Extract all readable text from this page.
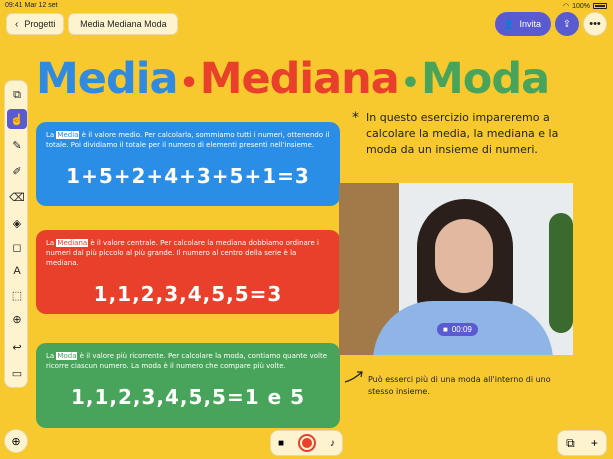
09:41 Mar 12 set	◠ 100%
‹ Progetti	Media Mediana Moda	👤 Invita ⇪ •••
⧉
☝
✎
✐
⌫
◈
◻
A
⬚
⊕
↩
▭
Media•Mediana•Moda

La Media è il valore medio. Per calcolarla, sommiamo tutti i numeri, ottenendo il totale. Poi dividiamo il totale per il numero di elementi presenti nell'insieme.

1+5+2+4+3+5+1=3

La Mediana è il valore centrale. Per calcolare la mediana dobbiamo ordinare i numeri dal più piccolo al più grande. Il numero al centro della serie è la mediana.

1,1,2,3,4,5,5=3

La Moda è il valore più ricorrente. Per calcolare la moda, contiamo quante volte ricorre ciascun numero. La moda è il numero che compare più volte.

1,1,2,3,4,5,5=1 e 5
* In questo esercizio impareremo a calcolare la media, la mediana e la moda da un insieme di numeri.
■ 00:09
Può esserci più di una moda all'interno di uno stesso insieme.
⊕	■	♪	⧉ +
